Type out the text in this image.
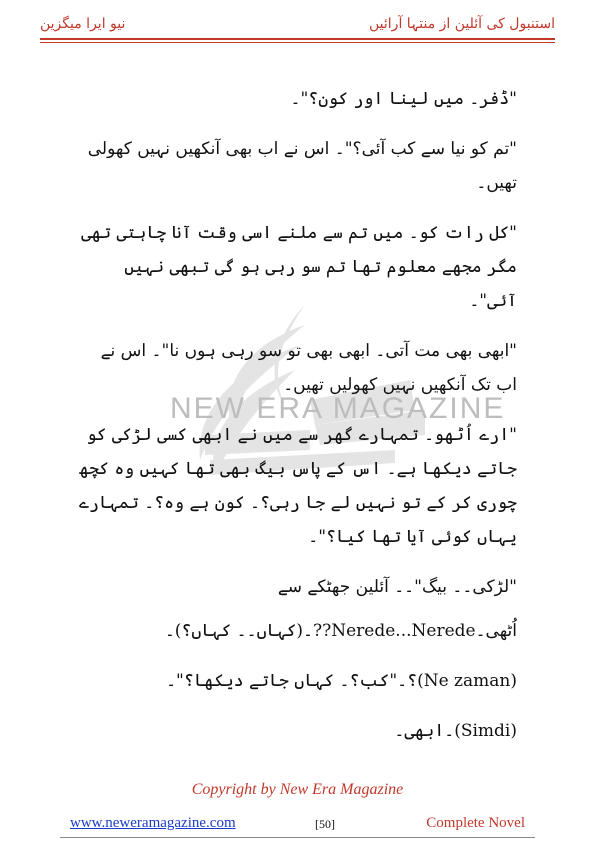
استنبول کی آئلین از منتہا آرائیں
نیو ایرا میگزین
NEW ERA MAGAZINE

"ڈفر۔ میں لینا اور کون؟"۔

"تم کو نیا سے کب آئی؟"۔ اس نے اب بھی آنکھیں نہیں کھولی تھیں۔

"کل رات کو۔ میں تم سے ملنے اسی وقت آنا چاہتی تھی مگر مجھے معلوم تھا تم سو رہی ہو گی تبھی نہیں آئی"۔

"ابھی بھی مت آتی۔ ابھی بھی تو سو رہی ہوں نا"۔ اس نے اب تک آنکھیں نہیں کھولیں تھیں۔

"ارے اُٹھو۔ تمہارے گھر سے میں نے ابھی کسی لڑکی کو جاتے دیکھا ہے۔ اس کے پاس بیگ بھی تھا کہیں وہ کچھ چوری کر کے تو نہیں لے جا رہی؟۔ کون ہے وہ؟۔ تمہارے یہاں کوئی آیا تھا کیا؟"۔

"لڑکی۔۔ بیگ"۔۔ آئلین جھٹکے سے

اُٹھی۔Nerede...Nerede??۔(کہاں۔۔ کہاں؟)۔

(Ne zaman)؟۔"کب؟۔ کہاں جاتے دیکھا؟"۔

(Simdi)۔ابھی۔

Copyright by New Era Magazine
www.neweramagazine.com	[50]	Complete Novel
